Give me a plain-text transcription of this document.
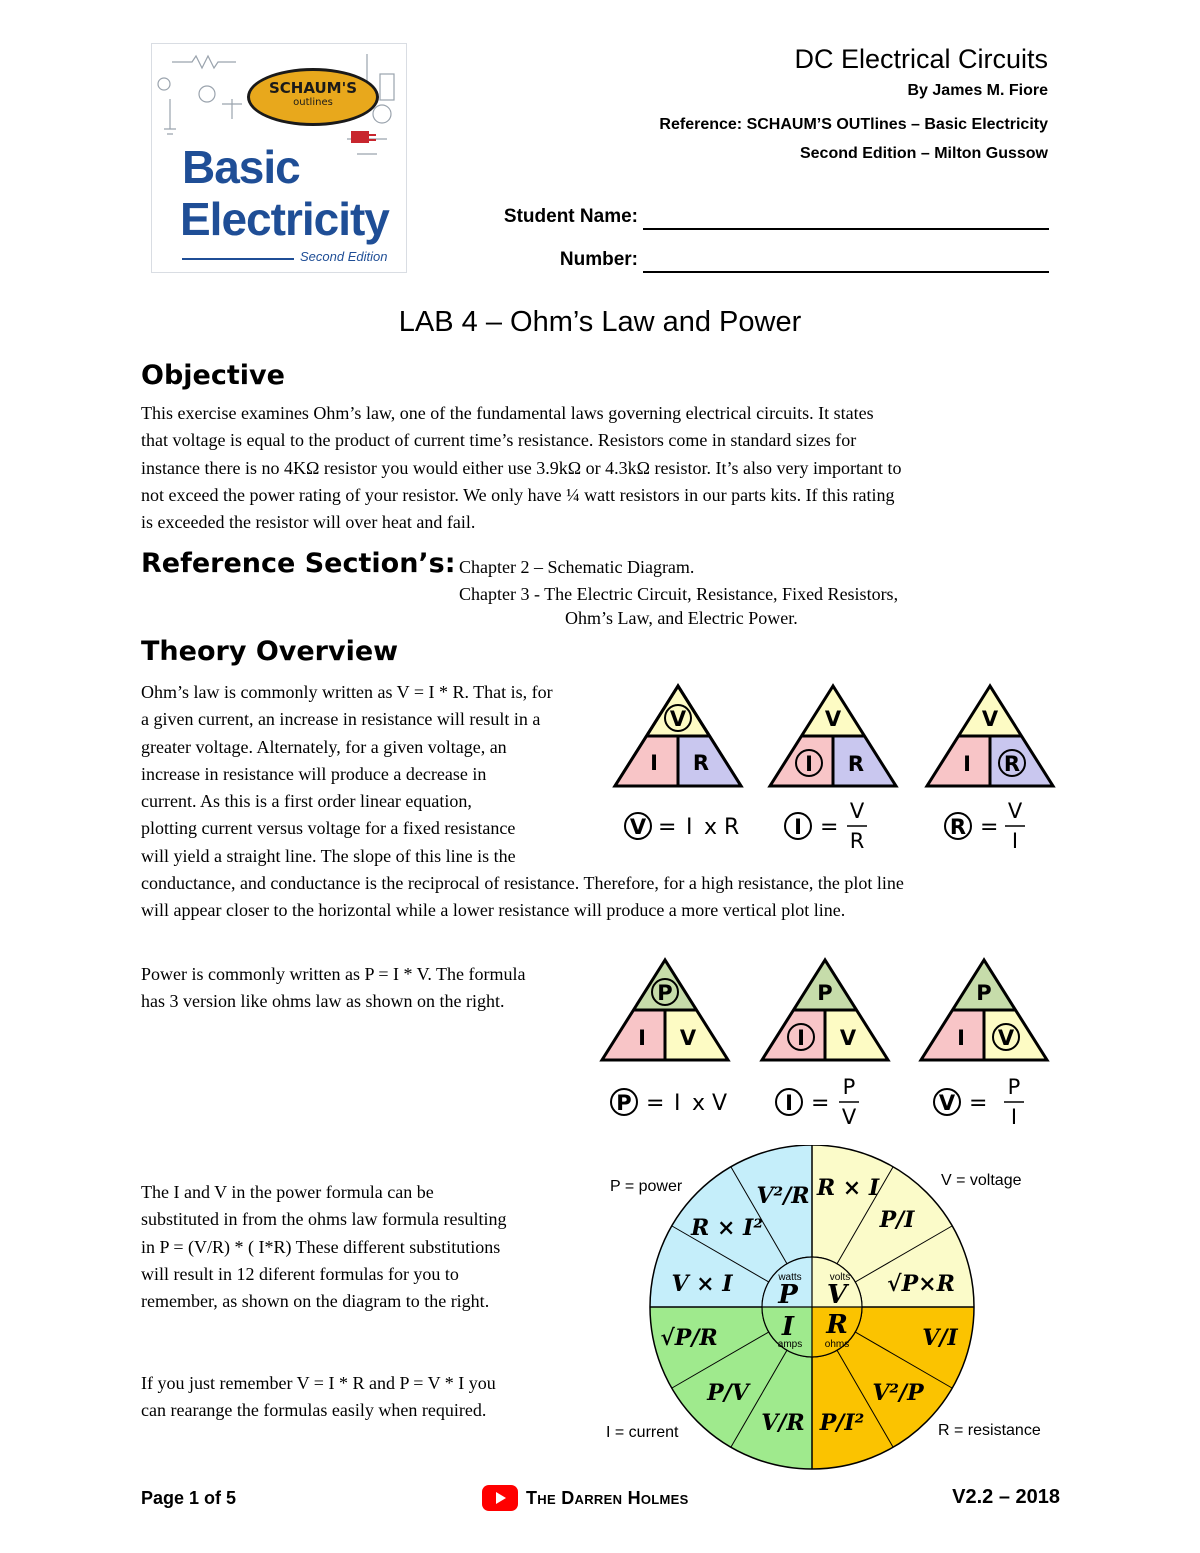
SCHAUM'S
outlines
Basic
Electricity
Second Edition
DC Electrical Circuits
By James M. Fiore
Reference: SCHAUM’S OUTlines – Basic Electricity
Second Edition – Milton Gussow
Student Name:
Number:
LAB 4 – Ohm’s Law and Power
Objective
This exercise examines Ohm’s law, one of the fundamental laws governing electrical circuits. It states
that voltage is equal to the product of current time’s resistance. Resistors come in standard sizes for
instance there is no 4KΩ resistor you would either use 3.9kΩ or 4.3kΩ resistor. It’s also very important to
not exceed the power rating of your resistor. We only have ¼ watt resistors in our parts kits. If this rating
is exceeded the resistor will over heat and fail.
Reference Section’s: Chapter 2 – Schematic Diagram.
Chapter 3 - The Electric Circuit, Resistance, Fixed Resistors,
Ohm’s Law, and Electric Power.
Theory Overview
Ohm’s law is commonly written as V = I * R. That is, for
a given current, an increase in resistance will result in a
greater voltage. Alternately, for a given voltage, an
increase in resistance will produce a decrease in
current. As this is a first order linear equation,
plotting current versus voltage for a fixed resistance
will yield a straight line. The slope of this line is the
conductance, and conductance is the reciprocal of resistance. Therefore, for a high resistance, the plot line
will appear closer to the horizontal while a lower resistance will produce a more vertical plot line.
V
I R
V
I R
V
I R
V = I x R	I =
V
R
R =
V
I
Power is commonly written as P = I * V. The formula
has 3 version like ohms law as shown on the right.	P
I V
P
I V
P
I V
P = I x V	I =
P
V
V =
P
I
The I and V in the power formula can be
substituted in from the ohms law formula resulting
in P = (V/R) * ( I*R) These different substitutions
will result in 12 diferent formulas for you to
remember, as shown on the diagram to the right.
If you just remember V = I * R and P = V * I you
can rearange the formulas easily when required.
watts
P
volts
V
I
amps
R
ohms
V²/R R × I
R × I²	P/I
V × I	√P×R
√P/R	V/I
P/V	V²/P
V/R P/I²
P = power	V = voltage
I = current	R = resistance
Page 1 of 5	The Darren Holmes	V2.2 – 2018
